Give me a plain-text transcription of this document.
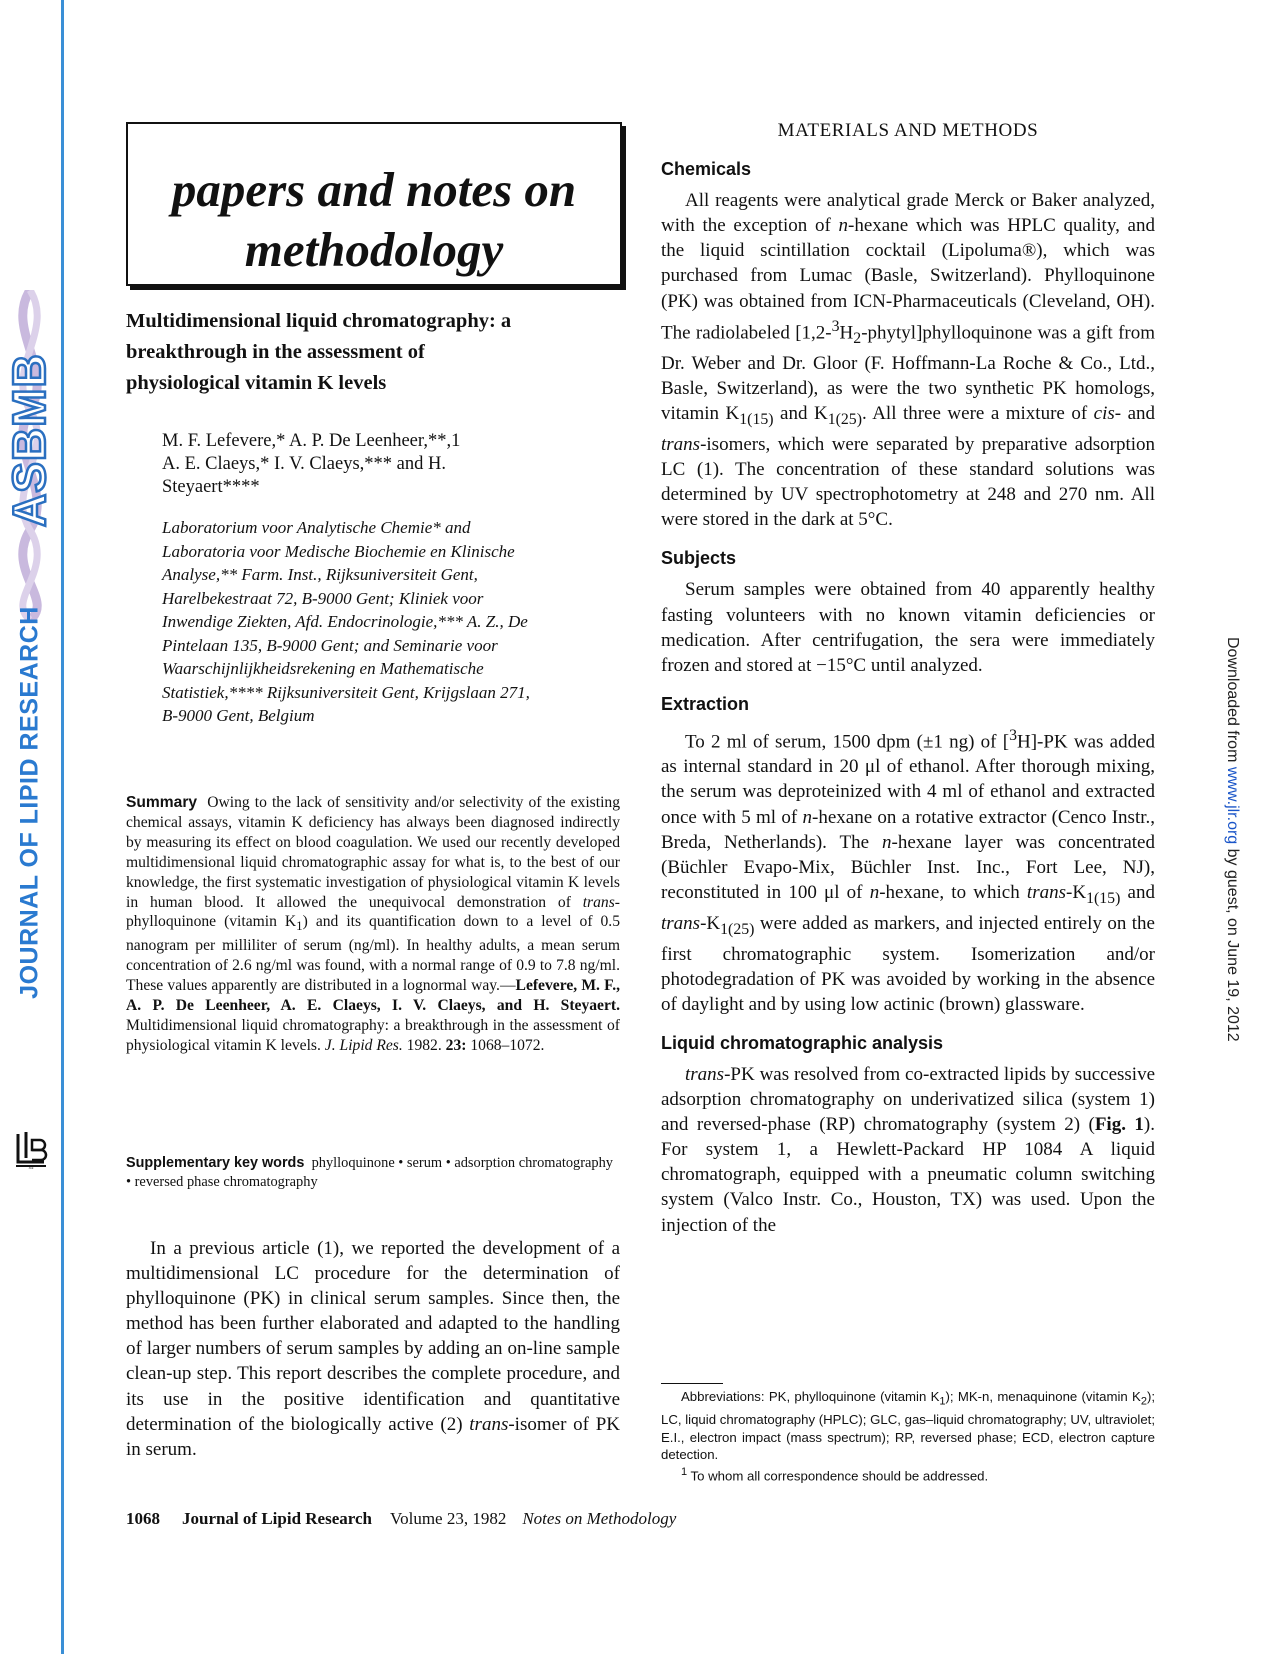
ASBMB
JOURNAL OF LIPID RESEARCH
JLR
Downloaded from www.jlr.org by guest, on June 19, 2012
papers and notes on
methodology
Multidimensional liquid chromatography: a
breakthrough in the assessment of
physiological vitamin K levels
M. F. Lefevere,* A. P. De Leenheer,**,1
A. E. Claeys,* I. V. Claeys,*** and H.
Steyaert****
Laboratorium voor Analytische Chemie* and
Laboratoria voor Medische Biochemie en Klinische
Analyse,** Farm. Inst., Rijksuniversiteit Gent,
Harelbekestraat 72, B-9000 Gent; Kliniek voor
Inwendige Ziekten, Afd. Endocrinologie,*** A. Z., De
Pintelaan 135, B-9000 Gent; and Seminarie voor
Waarschijnlijkheidsrekening en Mathematische
Statistiek,**** Rijksuniversiteit Gent, Krijgslaan 271,
B-9000 Gent, Belgium
Summary Owing to the lack of sensitivity and/or selectivity of the existing chemical assays, vitamin K deficiency has always been diagnosed indirectly by measuring its effect on blood coagulation. We used our recently developed multidimensional liquid chromatographic assay for what is, to the best of our knowledge, the first systematic investigation of physiological vitamin K levels in human blood. It allowed the unequivocal demonstration of trans-phylloquinone (vitamin $K_1$) and its quantification down to a level of 0.5 nanogram per milliliter of serum (ng/ml). In healthy adults, a mean serum concentration of 2.6 ng/ml was found, with a normal range of 0.9 to 7.8 ng/ml. These values apparently are distributed in a lognormal way.—Lefevere, M. F., A. P. De Leenheer, A. E. Claeys, I. V. Claeys, and H. Steyaert. Multidimensional liquid chromatography: a breakthrough in the assessment of physiological vitamin K levels. J. Lipid Res. 1982. 23: 1068–1072.
Supplementary key words phylloquinone • serum • adsorption chromatography • reversed phase chromatography

In a previous article (1), we reported the development of a multidimensional LC procedure for the determination of phylloquinone (PK) in clinical serum samples. Since then, the method has been further elaborated and adapted to the handling of larger numbers of serum samples by adding an on-line sample clean-up step. This report describes the complete procedure, and its use in the positive identification and quantitative determination of the biologically active (2) trans-isomer of PK in serum.

MATERIALS AND METHODS
Chemicals

All reagents were analytical grade Merck or Baker analyzed, with the exception of n-hexane which was HPLC quality, and the liquid scintillation cocktail (Lipoluma®), which was purchased from Lumac (Basle, Switzerland). Phylloquinone (PK) was obtained from ICN-Pharmaceuticals (Cleveland, OH). The radiolabeled $[1,2-^3H_2-phytyl]phylloquinone$ was a gift from Dr. Weber and Dr. Gloor (F. Hoffmann-La Roche & Co., Ltd., Basle, Switzerland), as were the two synthetic PK homologs, vitamin $K_{1(15)}$ and $K_{1(25)}$. All three were a mixture of cis- and trans-isomers, which were separated by preparative adsorption LC (1). The concentration of these standard solutions was determined by UV spectrophotometry at 248 and 270 nm. All were stored in the dark at 5°C.

Subjects

Serum samples were obtained from 40 apparently healthy fasting volunteers with no known vitamin deficiencies or medication. After centrifugation, the sera were immediately frozen and stored at −15°C until analyzed.

Extraction

To 2 ml of serum, 1500 dpm (±1 ng) of [$^3$H]-PK was added as internal standard in 20 μl of ethanol. After thorough mixing, the serum was deproteinized with 4 ml of ethanol and extracted once with 5 ml of n-hexane on a rotative extractor (Cenco Instr., Breda, Netherlands). The n-hexane layer was concentrated (Büchler Evapo-Mix, Büchler Inst. Inc., Fort Lee, NJ), reconstituted in 100 μl of n-hexane, to which trans-$K_{1(15)}$ and trans-$K_{1(25)}$ were added as markers, and injected entirely on the first chromatographic system. Isomerization and/or photodegradation of PK was avoided by working in the absence of daylight and by using low actinic (brown) glassware.

Liquid chromatographic analysis

trans-PK was resolved from co-extracted lipids by successive adsorption chromatography on underivatized silica (system 1) and reversed-phase (RP) chromatography (system 2) (Fig. 1). For system 1, a Hewlett-Packard HP 1084 A liquid chromatograph, equipped with a pneumatic column switching system (Valco Instr. Co., Houston, TX) was used. Upon the injection of the

Abbreviations: PK, phylloquinone (vitamin $K_1$); MK-n, menaquinone (vitamin $K_2$); LC, liquid chromatography (HPLC); GLC, gas–liquid chromatography; UV, ultraviolet; E.I., electron impact (mass spectrum); RP, reversed phase; ECD, electron capture detection.

$^1$ To whom all correspondence should be addressed.

1068 Journal of Lipid Research Volume 23, 1982 Notes on Methodology
